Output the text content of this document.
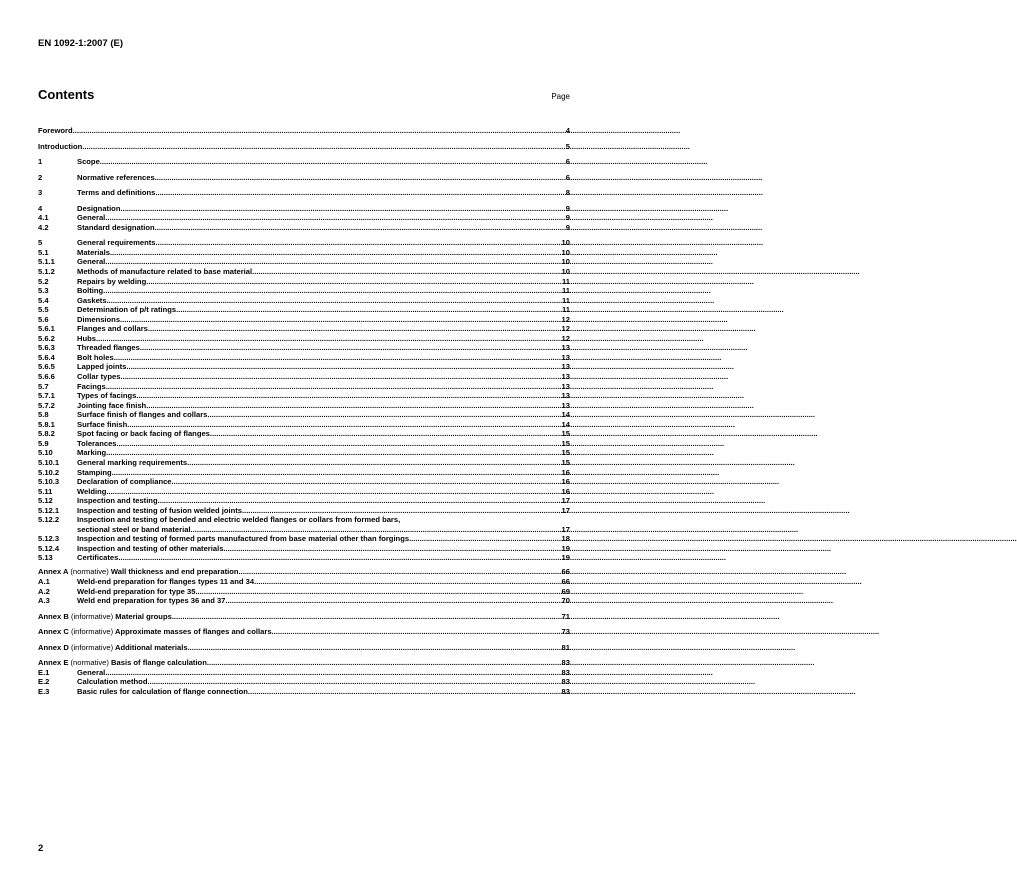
EN 1092-1:2007 (E)
Contents	Page
Foreword .....	4
Introduction .....	5
1	Scope .....	6
2	Normative references .....	6
3	Terms and definitions .....	8
4	Designation .....	9
4.1	General .....	9
4.2	Standard designation .....	9
5	General requirements .....	10
5.1	Materials .....	10
5.1.1	General .....	10
5.1.2	Methods of manufacture related to base material .....	10
5.2	Repairs by welding .....	11
5.3	Bolting .....	11
5.4	Gaskets .....	11
5.5	Determination of p/t ratings .....	11
5.6	Dimensions .....	12
5.6.1	Flanges and collars .....	12
5.6.2	Hubs .....	12
5.6.3	Threaded flanges .....	13
5.6.4	Bolt holes .....	13
5.6.5	Lapped joints .....	13
5.6.6	Collar types .....	13
5.7	Facings .....	13
5.7.1	Types of facings .....	13
5.7.2	Jointing face finish .....	13
5.8	Surface finish of flanges and collars .....	14
5.8.1	Surface finish .....	14
5.8.2	Spot facing or back facing of flanges .....	15
5.9	Tolerances .....	15
5.10	Marking .....	15
5.10.1	General marking requirements .....	15
5.10.2	Stamping .....	16
5.10.3	Declaration of compliance .....	16
5.11	Welding .....	16
5.12	Inspection and testing .....	17
5.12.1	Inspection and testing of fusion welded joints .....	17
5.12.2	Inspection and testing of bended and electric welded flanges or collars from formed bars,
sectional steel or band material .....	17
5.12.3	Inspection and testing of formed parts manufactured from base material other than forgings .....	18
5.12.4	Inspection and testing of other materials .....	19
5.13	Certificates .....	19
Annex A (normative) Wall thickness and end preparation .....	66
A.1	Weld-end preparation for flanges types 11 and 34 .....	66
A.2	Weld-end preparation for type 35 .....	69
A.3	Weld end preparation for types 36 and 37 .....	70
Annex B (informative) Material groups .....	71
Annex C (informative) Approximate masses of flanges and collars .....	73
Annex D (informative) Additional materials .....	81
Annex E (normative) Basis of flange calculation .....	83
E.1	General .....	83
E.2	Calculation method .....	83
E.3	Basic rules for calculation of flange connection .....	83
2
